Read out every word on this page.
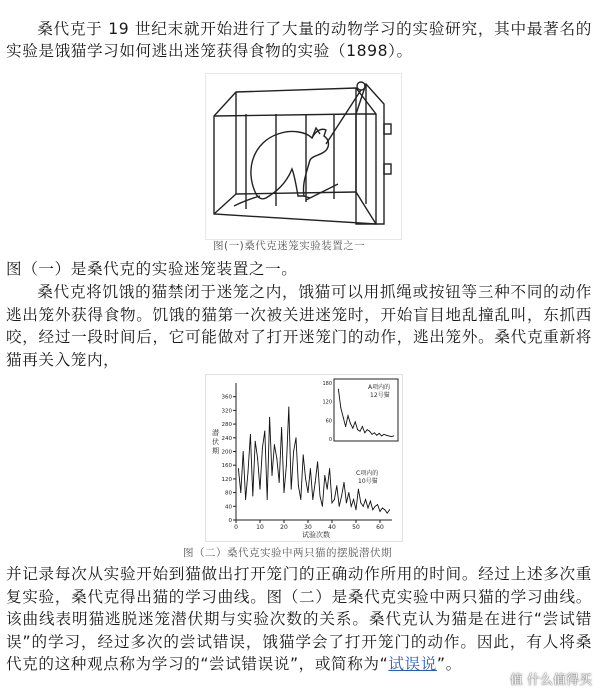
桑代克于 19 世纪末就开始进行了大量的动物学习的实验研究，其中最著名的实验是饿猫学习如何逃出迷笼获得食物的实验（1898）。

图(一)桑代克迷笼实验装置之一

图（一）是桑代克的实验迷笼装置之一。

桑代克将饥饿的猫禁闭于迷笼之内，饿猫可以用抓绳或按钮等三种不同的动作逃出笼外获得食物。饥饿的猫第一次被关进迷笼时，开始盲目地乱撞乱叫，东抓西咬，经过一段时间后，它可能做对了打开迷笼门的动作，逃出笼外。桑代克重新将猫再关入笼内，

0
40
80
120
160
200
240
280
320
360
0	10	20	30	40	50	60
潜
伏
期
试验次数
C项内的
10号猫
0
60
120
180	A项内的
12号猫
图（二）桑代克实验中两只猫的摆脱潜伏期

并记录每次从实验开始到猫做出打开笼门的正确动作所用的时间。经过上述多次重复实验，桑代克得出猫的学习曲线。图（二）是桑代克实验中两只猫的学习曲线。该曲线表明猫逃脱迷笼潜伏期与实验次数的关系。桑代克认为猫是在进行“尝试错误”的学习，经过多次的尝试错误，饿猫学会了打开笼门的动作。因此，有人将桑代克的这种观点称为学习的“尝试错误说”，或简称为“试误说”。

值 什么值得买
